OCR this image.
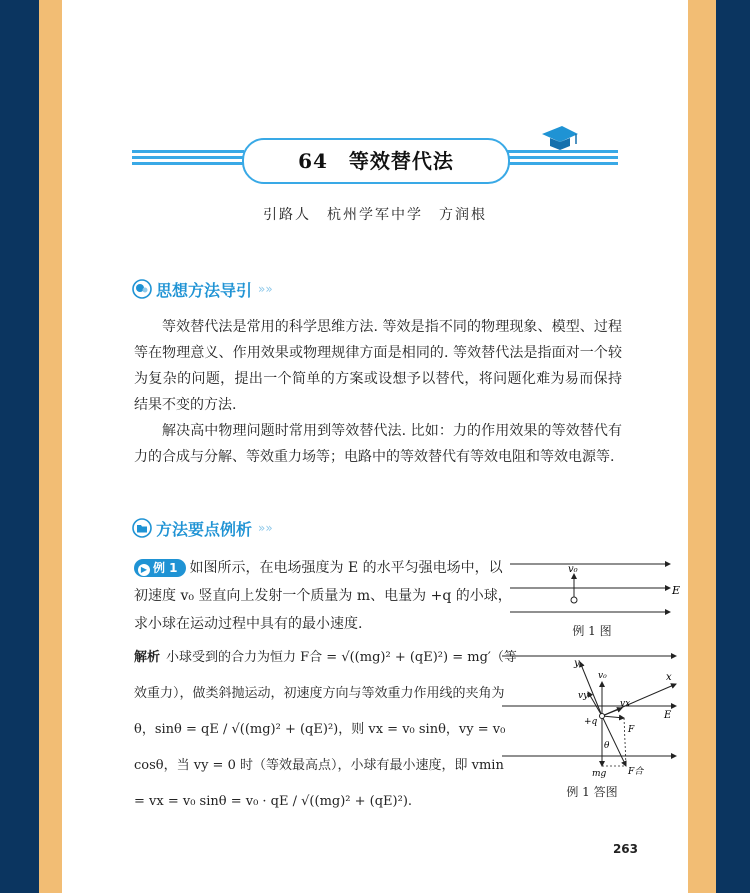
64　等效替代法
引路人　杭州学军中学　方润根
思想方法导引 »»

等效替代法是常用的科学思维方法. 等效是指不同的物理现象、模型、过程等在物理意义、作用效果或物理规律方面是相同的. 等效替代法是指面对一个较为复杂的问题，提出一个简单的方案或设想予以替代，将问题化难为易而保持结果不变的方法.

解决高中物理问题时常用到等效替代法. 比如：力的作用效果的等效替代有力的合成与分解、等效重力场等；电路中的等效替代有等效电阻和等效电源等.

方法要点例析 »»
▶ 例 1 如图所示，在电场强度为 E 的水平匀强电场中，以初速度 v₀ 竖直向上发射一个质量为 m、电量为 +q 的小球，求小球在运动过程中具有的最小速度.
v₀
E
例 1 图
解析 小球受到的合力为恒力 F合 = √((mg)² + (qE)²) = mg′（等效重力），做类斜抛运动，初速度方向与等效重力作用线的夹角为 θ，sinθ = qE / √((mg)² + (qE)²)，则 vx = v₀ sinθ，vy = v₀ cosθ，当 vy = 0 时（等效最高点），小球有最小速度，即 vmin = vx = v₀ sinθ = v₀ · qE / √((mg)² + (qE)²).
y
v₀	x
vy
vx
E
+q
F
θ
mg F合
例 1 答图
263
